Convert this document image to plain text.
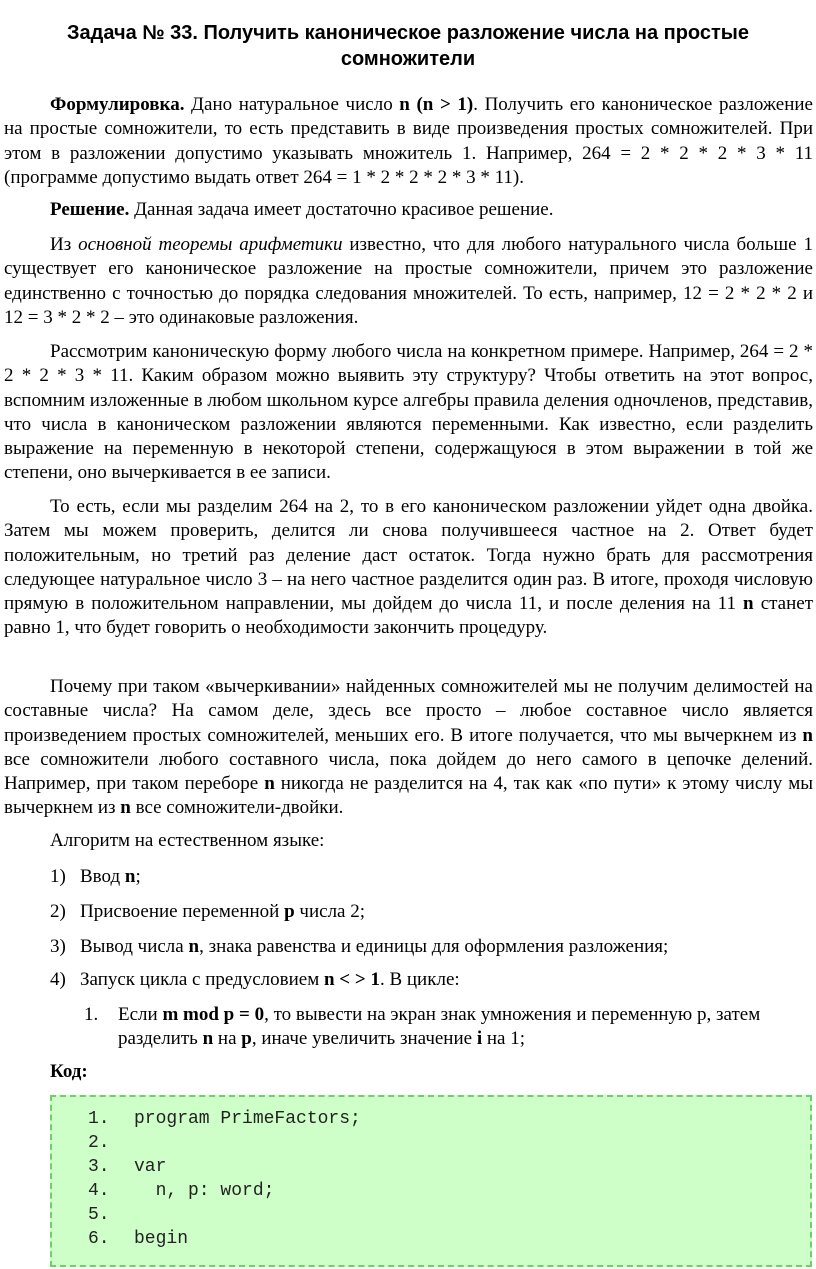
Задача № 33. Получить каноническое разложение числа на простые
сомножители

Формулировка. Дано натуральное число n (n > 1). Получить его каноническое разложение на простые сомножители, то есть представить в виде произведения простых сомножителей. При этом в разложении допустимо указывать множитель 1. Например, 264 = 2 * 2 * 2 * 3 * 11 (программе допустимо выдать ответ 264 = 1 * 2 * 2 * 2 * 3 * 11).

Решение. Данная задача имеет достаточно красивое решение.

Из основной теоремы арифметики известно, что для любого натурального числа больше 1 существует его каноническое разложение на простые сомножители, причем это разложение единственно с точностью до порядка следования множителей. То есть, например, 12 = 2 * 2 * 2 и 12 = 3 * 2 * 2 – это одинаковые разложения.

Рассмотрим каноническую форму любого числа на конкретном примере. Например, 264 = 2 * 2 * 2 * 3 * 11. Каким образом можно выявить эту структуру? Чтобы ответить на этот вопрос, вспомним изложенные в любом школьном курсе алгебры правила деления одночленов, представив, что числа в каноническом разложении являются переменными. Как известно, если разделить выражение на переменную в некоторой степени, содержащуюся в этом выражении в той же степени, оно вычеркивается в ее записи.

То есть, если мы разделим 264 на 2, то в его каноническом разложении уйдет одна двойка. Затем мы можем проверить, делится ли снова получившееся частное на 2. Ответ будет положительным, но третий раз деление даст остаток. Тогда нужно брать для рассмотрения следующее натуральное число 3 – на него частное разделится один раз. В итоге, проходя числовую прямую в положительном направлении, мы дойдем до числа 11, и после деления на 11 n станет равно 1, что будет говорить о необходимости закончить процедуру.

Почему при таком «вычеркивании» найденных сомножителей мы не получим делимостей на составные числа? На самом деле, здесь все просто – любое составное число является произведением простых сомножителей, меньших его. В итоге получается, что мы вычеркнем из n все сомножители любого составного числа, пока дойдем до него самого в цепочке делений. Например, при таком переборе n никогда не разделится на 4, так как «по пути» к этому числу мы вычеркнем из n все сомножители-двойки.

Алгоритм на естественном языке:

1) Ввод n;

2) Присвоение переменной p числа 2;

3) Вывод числа n, знака равенства и единицы для оформления разложения;

4) Запуск цикла с предусловием n < > 1. В цикле:

1. Если m mod p = 0, то вывести на экран знак умножения и переменную p, затем разделить n на p, иначе увеличить значение i на 1;

Код:

1. program PrimeFactors;

2.

3. var

4.  n, p: word;

5.

6. begin
